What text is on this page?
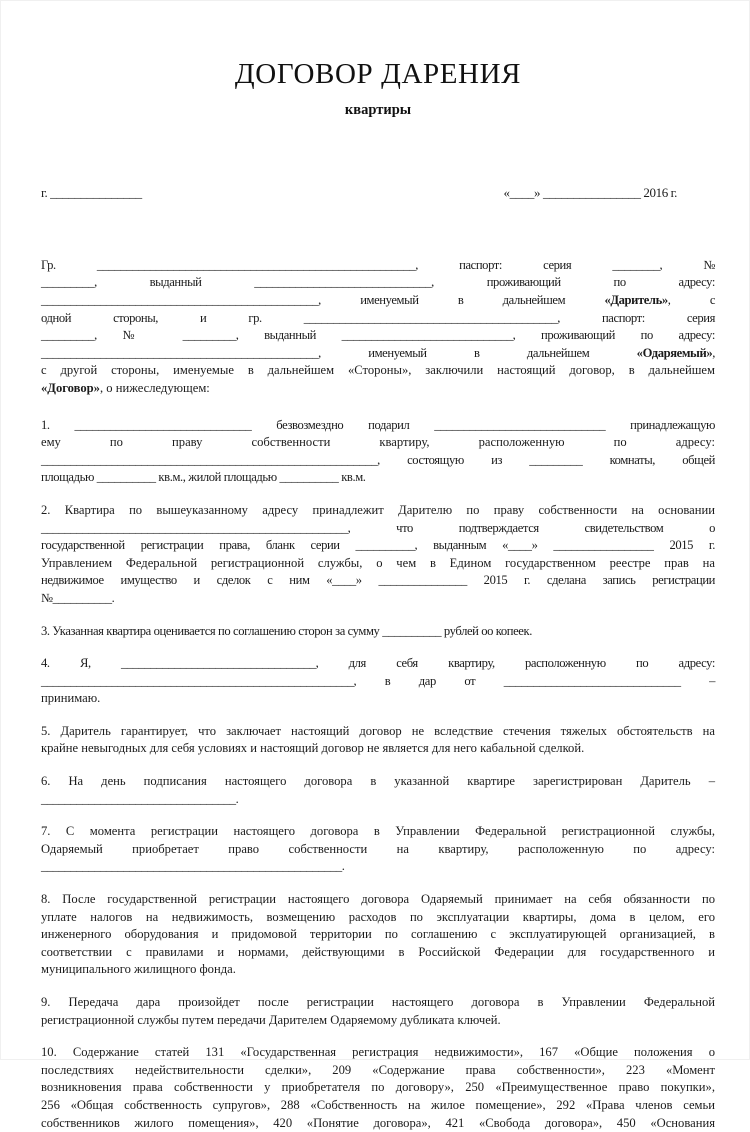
ДОГОВОР ДАРЕНИЯ
квартиры
г. _______________	«____» ________________ 2016 г.

Гр. ______________________________________________________, паспорт: серия ________, №

_________, выданный ______________________________, проживающий по адресу:

_______________________________________________, именуемый в дальнейшем «Даритель», с

одной стороны, и гр. ___________________________________________, паспорт: серия

_________, № _________, выданный _____________________________, проживающий по адресу:

_______________________________________________, именуемый в дальнейшем «Одаряемый»,

с другой стороны, именуемые в дальнейшем «Стороны», заключили настоящий договор, в дальнейшем

«Договор», о нижеследующем:

1. ______________________________ безвозмездно подарил _____________________________ принадлежащую

ему по праву собственности квартиру, расположенную по адресу:

_________________________________________________________, состоящую из _________ комнаты, общей

площадью __________ кв.м., жилой площадью __________ кв.м.

2. Квартира по вышеуказанному адресу принадлежит Дарителю по праву собственности на основании

____________________________________________________, что подтверждается свидетельством о

государственной регистрации права, бланк серии __________, выданным «____» _________________ 2015 г.

Управлением Федеральной регистрационной службы, о чем в Едином государственном реестре прав на

недвижимое имущество и сделок с ним «____» _______________ 2015 г. сделана запись регистрации

№__________.

3. Указанная квартира оценивается по соглашению сторон за сумму __________ рублей оо копеек.

4. Я, _________________________________, для себя квартиру, расположенную по адресу:

_____________________________________________________, в дар от ______________________________ –

принимаю.

5. Даритель гарантирует, что заключает настоящий договор не вследствие стечения тяжелых обстоятельств на

крайне невыгодных для себя условиях и настоящий договор не является для него кабальной сделкой.

6. На день подписания настоящего договора в указанной квартире зарегистрирован Даритель –

_________________________________.

7. С момента регистрации настоящего договора в Управлении Федеральной регистрационной службы,

Одаряемый приобретает право собственности на квартиру, расположенную по адресу:

___________________________________________________.

8. После государственной регистрации настоящего договора Одаряемый принимает на себя обязанности по

уплате налогов на недвижимость, возмещению расходов по эксплуатации квартиры, дома в целом, его

инженерного оборудования и придомовой территории по соглашению с эксплуатирующей организацией, в

соответствии с правилами и нормами, действующими в Российской Федерации для государственного и

муниципального жилищного фонда.

9. Передача дара произойдет после регистрации настоящего договора в Управлении Федеральной

регистрационной службы путем передачи Дарителем Одаряемому дубликата ключей.

10. Содержание статей 131 «Государственная регистрация недвижимости», 167 «Общие положения о

последствиях недействительности сделки», 209 «Содержание права собственности», 223 «Момент

возникновения права собственности у приобретателя по договору», 250 «Преимущественное право покупки»,

256 «Общая собственность супругов», 288 «Собственность на жилое помещение», 292 «Права членов семьи

собственников жилого помещения», 420 «Понятие договора», 421 «Свобода договора», 450 «Основания
